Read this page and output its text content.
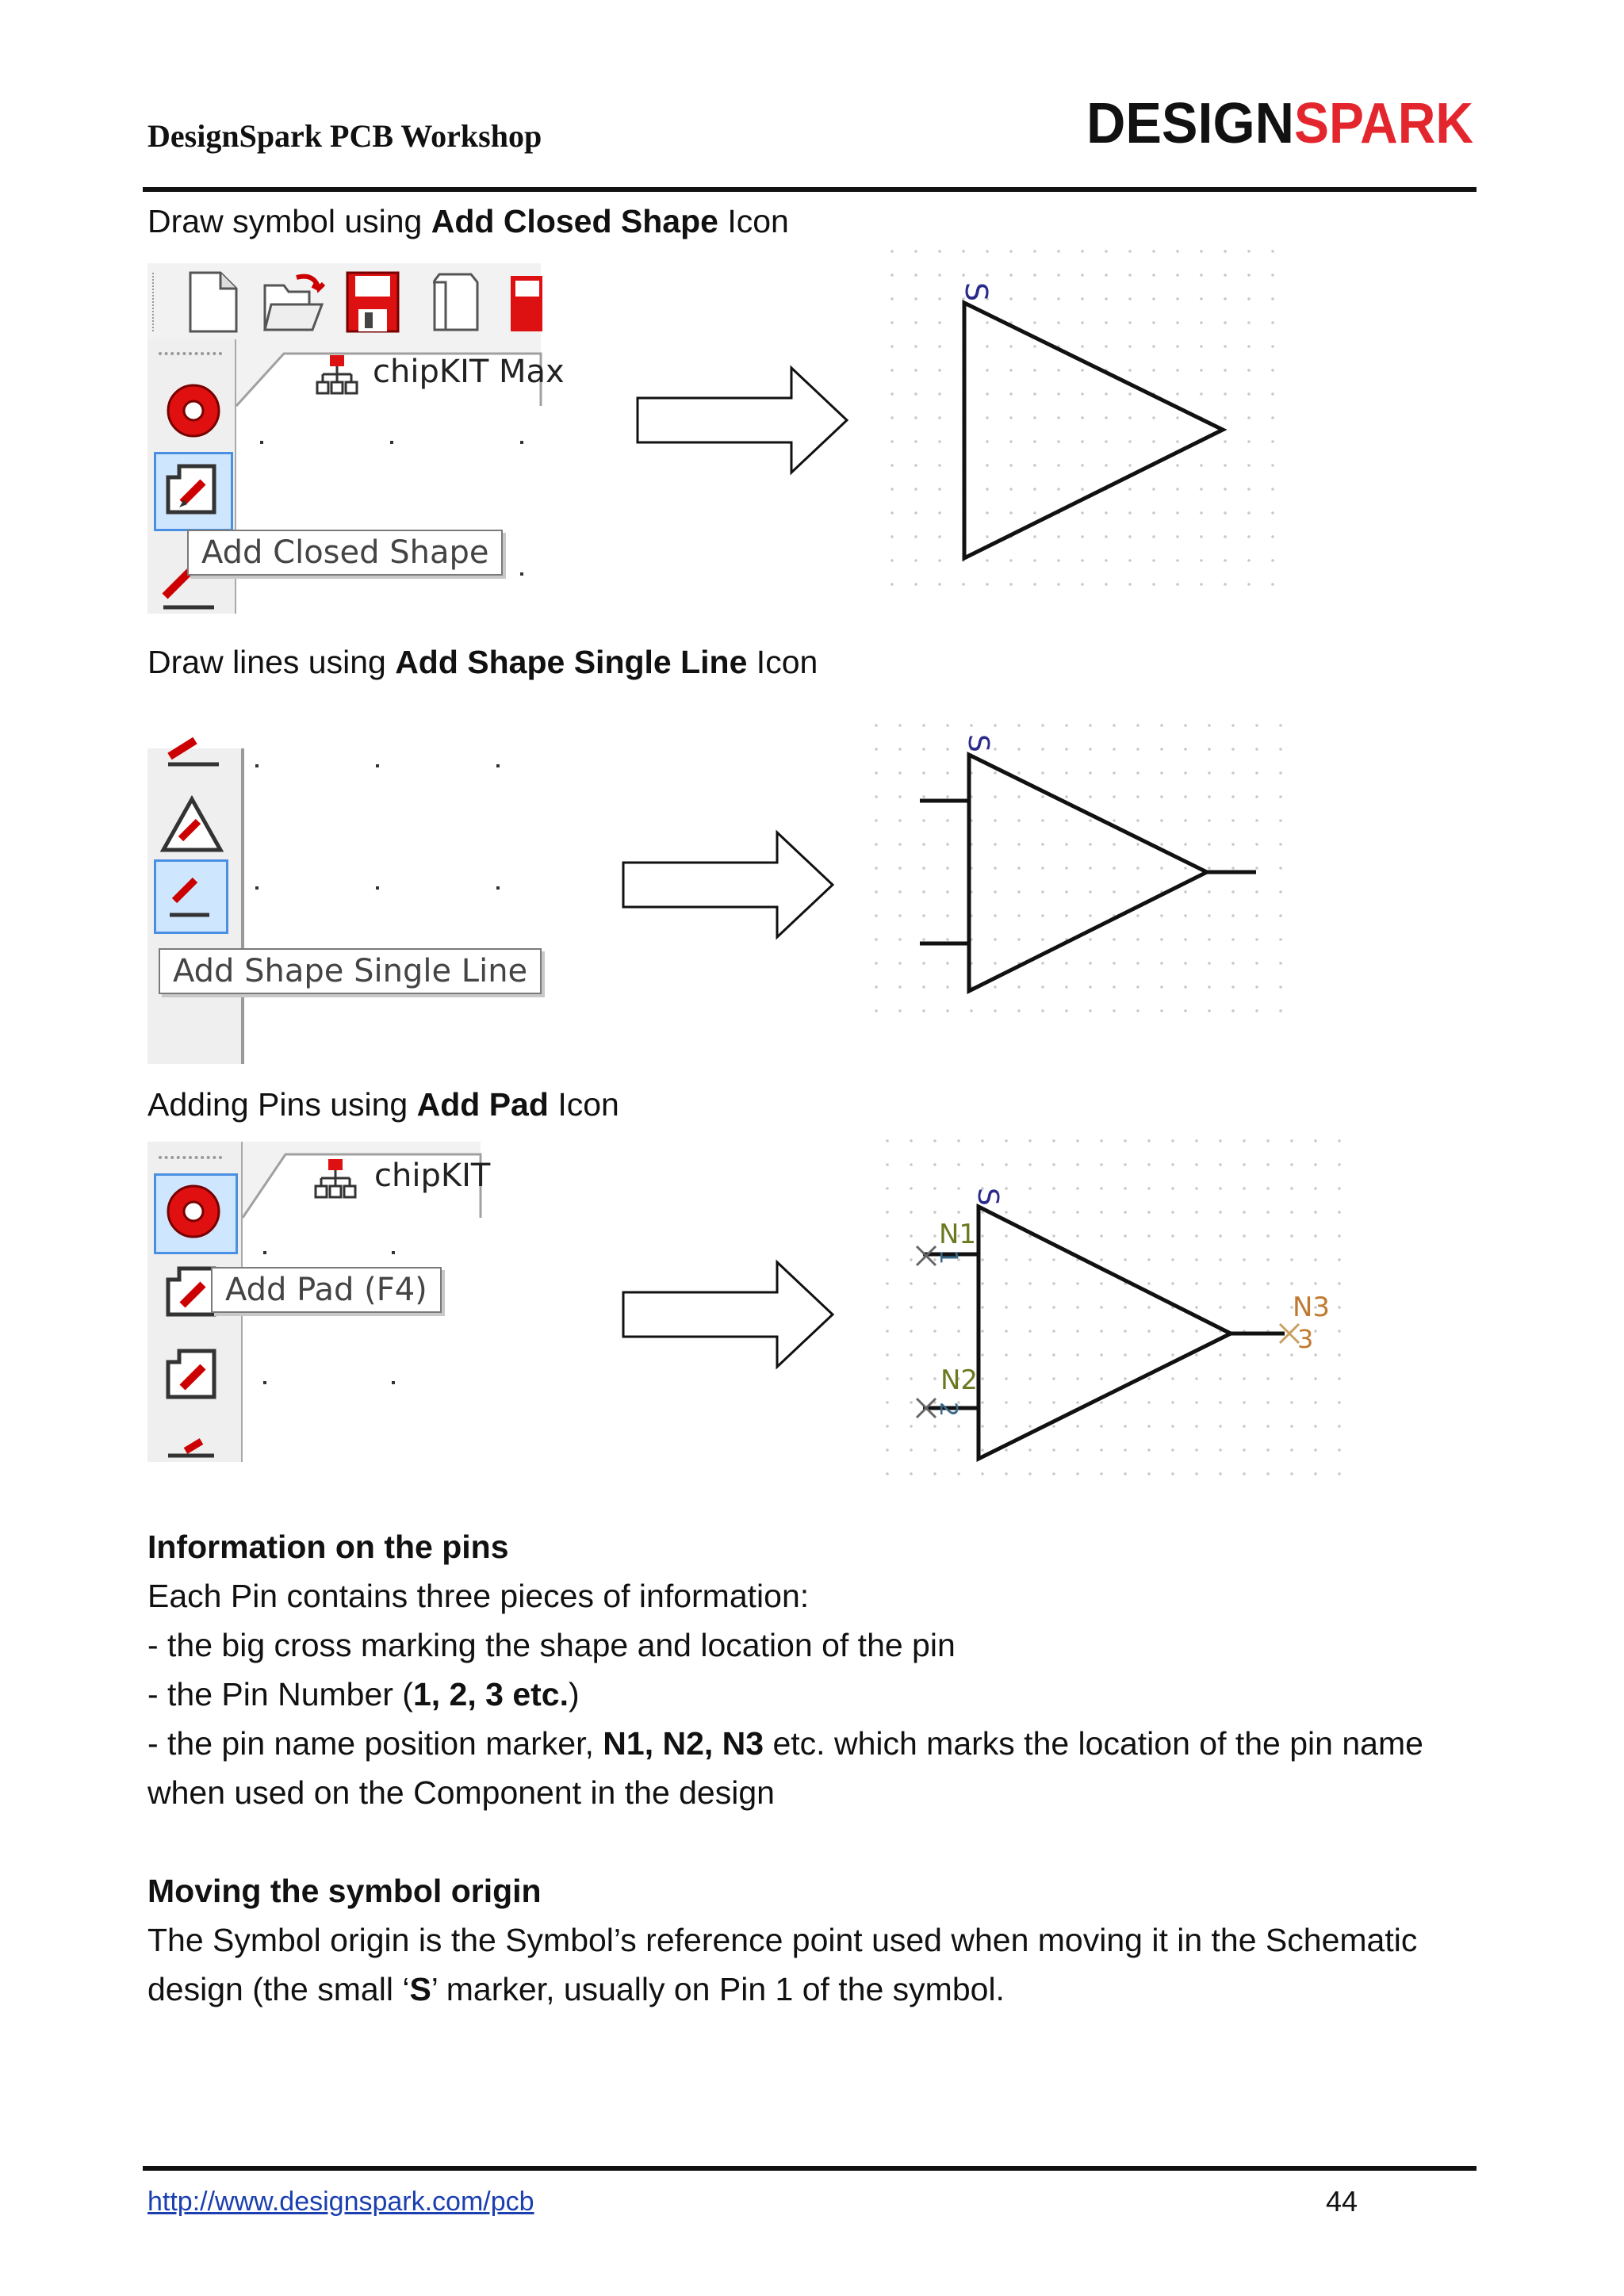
DesignSpark PCB Workshop	DESIGN SPARK
Draw symbol using Add Closed Shape Icon
chipKIT Max
Add Closed Shape
S
Draw lines using Add Shape Single Line Icon
Add Shape Single Line
S
Adding Pins using Add Pad Icon
chipKIT
Add Pad (F4)
S
N1
N2
N3
1
2
3
Information on the pins
Each Pin contains three pieces of information:
- the big cross marking the shape and location of the pin
- the Pin Number (1, 2, 3 etc.)
- the pin name position marker, N1, N2, N3 etc. which marks the location of the pin name when used on the Component in the design
Moving the symbol origin
The Symbol origin is the Symbol’s reference point used when moving it in the Schematic design (the small ‘S’ marker, usually on Pin 1 of the symbol.
http://www.designspark.com/pcb	44
